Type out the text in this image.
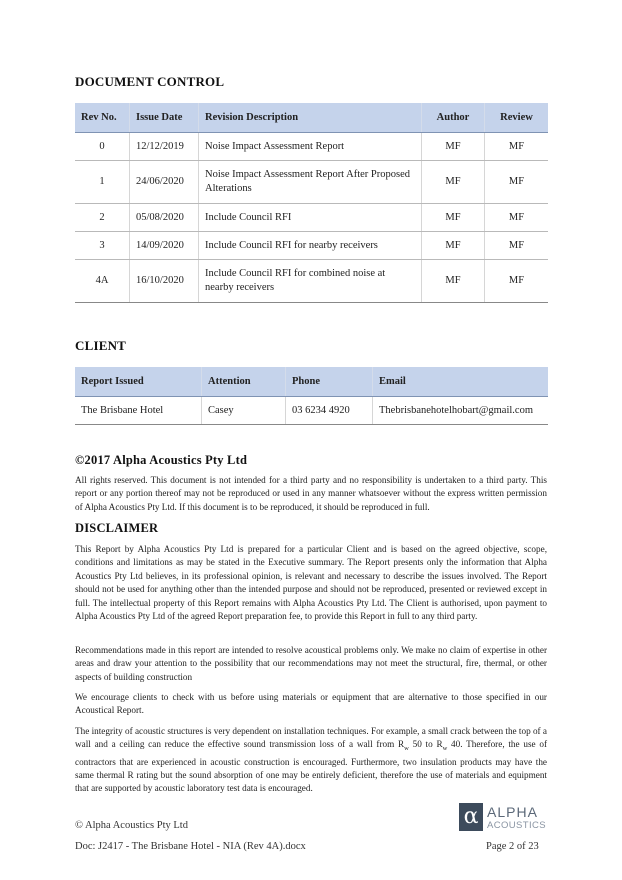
DOCUMENT CONTROL
Rev No.	Issue Date	Revision Description	Author	Review
0	12/12/2019	Noise Impact Assessment Report	MF	MF
1	24/06/2020	Noise Impact Assessment Report After Proposed Alterations	MF	MF
2	05/08/2020	Include Council RFI	MF	MF
3	14/09/2020	Include Council RFI for nearby receivers	MF	MF
4A	16/10/2020	Include Council RFI for combined noise at nearby receivers	MF	MF
CLIENT
Report Issued	Attention	Phone	Email
The Brisbane Hotel	Casey	03 6234 4920	Thebrisbanehotelhobart@gmail.com
©2017 Alpha Acoustics Pty Ltd

All rights reserved. This document is not intended for a third party and no responsibility is undertaken to a third party. This report or any portion thereof may not be reproduced or used in any manner whatsoever without the express written permission of Alpha Acoustics Pty Ltd. If this document is to be reproduced, it should be reproduced in full.

DISCLAIMER

This Report by Alpha Acoustics Pty Ltd is prepared for a particular Client and is based on the agreed objective, scope, conditions and limitations as may be stated in the Executive summary. The Report presents only the information that Alpha Acoustics Pty Ltd believes, in its professional opinion, is relevant and necessary to describe the issues involved. The Report should not be used for anything other than the intended purpose and should not be reproduced, presented or reviewed except in full. The intellectual property of this Report remains with Alpha Acoustics Pty Ltd. The Client is authorised, upon payment to Alpha Acoustics Pty Ltd of the agreed Report preparation fee, to provide this Report in full to any third party.

Recommendations made in this report are intended to resolve acoustical problems only. We make no claim of expertise in other areas and draw your attention to the possibility that our recommendations may not meet the structural, fire, thermal, or other aspects of building construction

We encourage clients to check with us before using materials or equipment that are alternative to those specified in our Acoustical Report.

The integrity of acoustic structures is very dependent on installation techniques. For example, a small crack between the top of a wall and a ceiling can reduce the effective sound transmission loss of a wall from $R_w$ 50 to $R_w$ 40. Therefore, the use of contractors that are experienced in acoustic construction is encouraged. Furthermore, two insulation products may have the same thermal R rating but the sound absorption of one may be entirely deficient, therefore the use of materials and equipment that are supported by acoustic laboratory test data is encouraged.

© Alpha Acoustics Pty Ltd
Doc: J2417 - The Brisbane Hotel - NIA (Rev 4A).docx	Page 2 of 23
α ALPHA
ACOUSTICS
